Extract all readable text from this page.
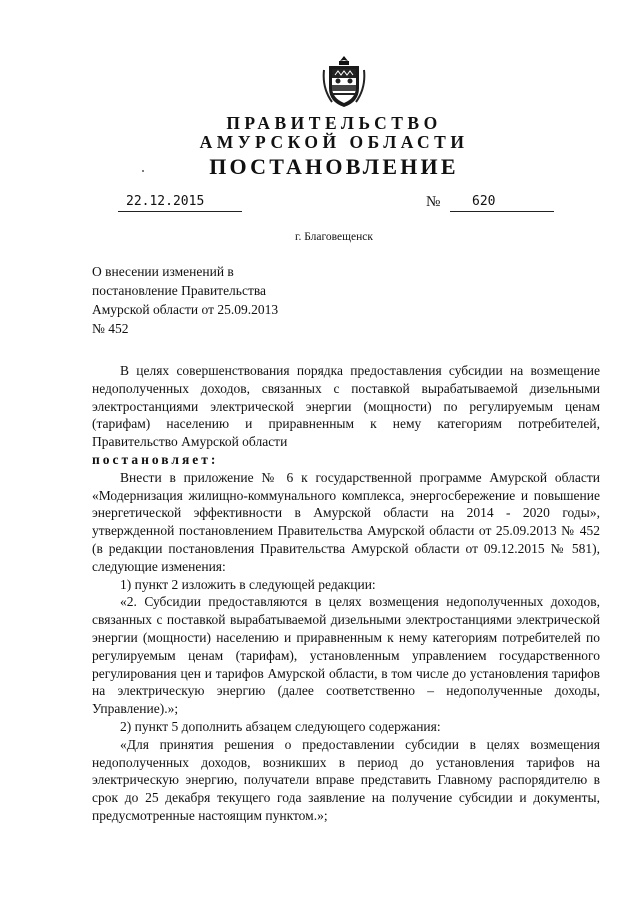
ПРАВИТЕЛЬСТВО
АМУРСКОЙ ОБЛАСТИ
ПОСТАНОВЛЕНИЕ
22.12.2015	№	620
г. Благовещенск
О внесении изменений в
постановление Правительства
Амурской области от 25.09.2013
№ 452

В целях совершенствования порядка предоставления субсидии на возмещение недополученных доходов, связанных с поставкой вырабатываемой дизельными электростанциями электрической энергии (мощности) по регулируемым ценам (тарифам) населению и приравненным к нему категориям потребителей, Правительство Амурской области

постановляет:

Внести в приложение № 6 к государственной программе Амурской области «Модернизация жилищно-коммунального комплекса, энергосбережение и повышение энергетической эффективности в Амурской области на 2014 - 2020 годы», утвержденной постановлением Правительства Амурской области от 25.09.2013 № 452 (в редакции постановления Правительства Амурской области от 09.12.2015 № 581), следующие изменения:

1) пункт 2 изложить в следующей редакции:

«2. Субсидии предоставляются в целях возмещения недополученных доходов, связанных с поставкой вырабатываемой дизельными электростанциями электрической энергии (мощности) населению и приравненным к нему категориям потребителей по регулируемым ценам (тарифам), установленным управлением государственного регулирования цен и тарифов Амурской области, в том числе до установления тарифов на электрическую энергию (далее соответственно – недополученные доходы, Управление).»;

2) пункт 5 дополнить абзацем следующего содержания:

«Для принятия решения о предоставлении субсидии в целях возмещения недополученных доходов, возникших в период до установления тарифов на электрическую энергию, получатели вправе представить Главному распорядителю в срок до 25 декабря текущего года заявление на получение субсидии и документы, предусмотренные настоящим пунктом.»;
